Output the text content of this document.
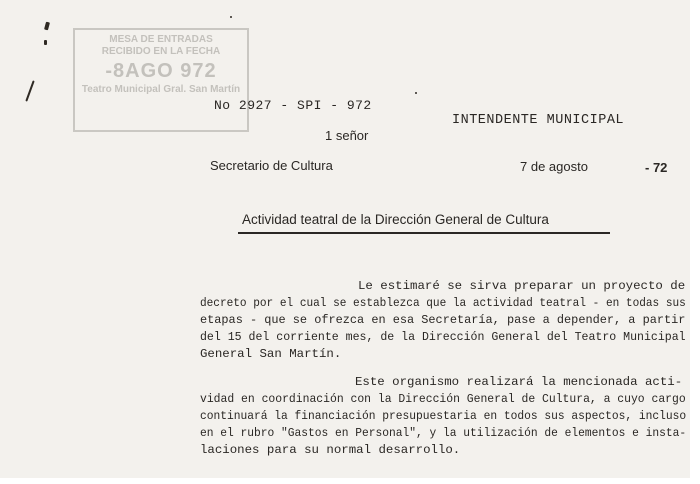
MESA DE ENTRADAS
RECIBIDO EN LA FECHA
-8AGO 972
Teatro Municipal Gral. San Martín
No 2927 - SPI - 972
INTENDENTE MUNICIPAL
1 señor
Secretario de Cultura	7 de agosto	- 72
Actividad teatral de la Dirección General de Cultura
Le estimaré se sirva preparar un proyecto de
decreto por el cual se establezca que la actividad teatral - en todas sus
etapas - que se ofrezca en esa Secretaría, pase a depender, a partir
del 15 del corriente mes, de la Dirección General del Teatro Municipal
General San Martín.
Este organismo realizará la mencionada acti-
vidad en coordinación con la Dirección General de Cultura, a cuyo cargo
continuará la financiación presupuestaria en todos sus aspectos, incluso
en el rubro "Gastos en Personal", y la utilización de elementos e insta-
laciones para su normal desarrollo.
